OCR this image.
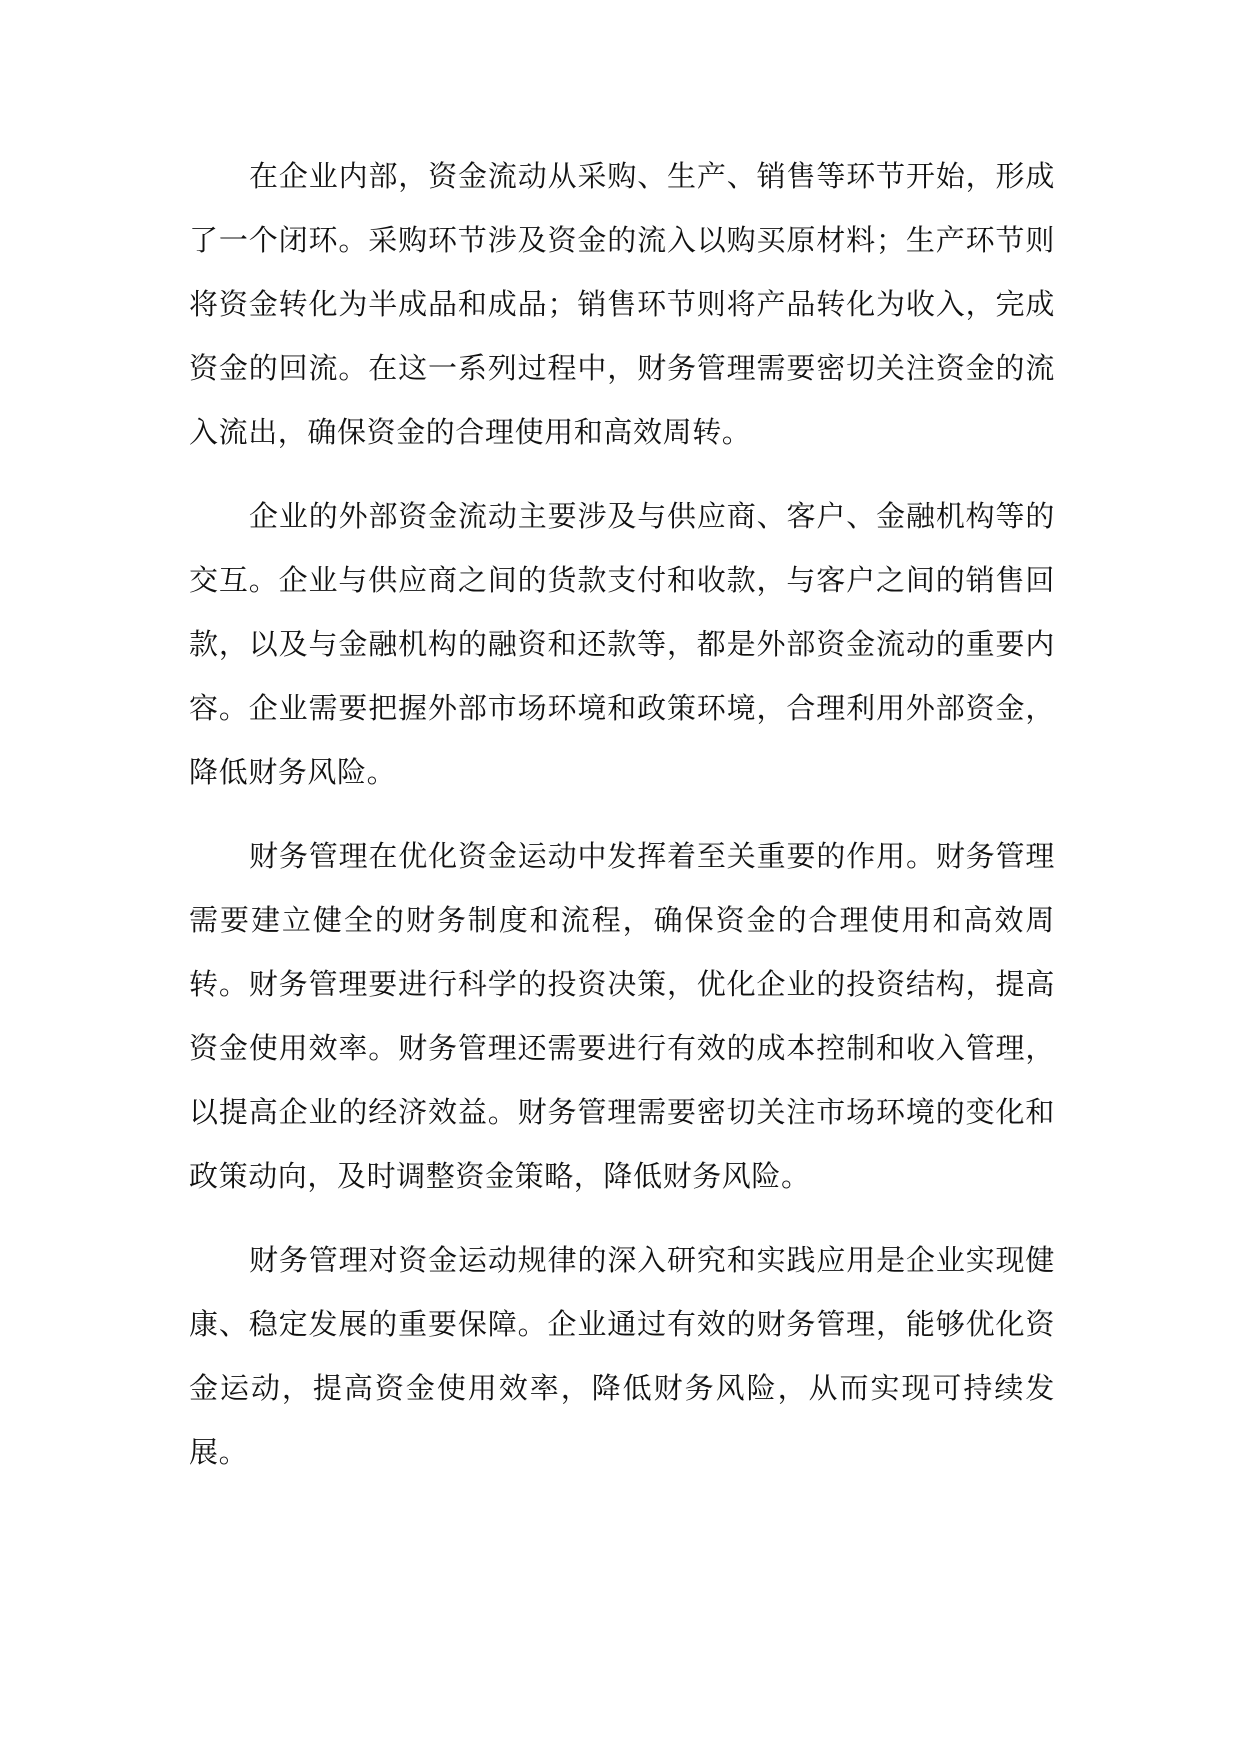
在企业内部，资金流动从采购、生产、销售等环节开始，形成了一个闭环。采购环节涉及资金的流入以购买原材料；生产环节则将资金转化为半成品和成品；销售环节则将产品转化为收入，完成资金的回流。在这一系列过程中，财务管理需要密切关注资金的流入流出，确保资金的合理使用和高效周转。

企业的外部资金流动主要涉及与供应商、客户、金融机构等的交互。企业与供应商之间的货款支付和收款，与客户之间的销售回款，以及与金融机构的融资和还款等，都是外部资金流动的重要内容。企业需要把握外部市场环境和政策环境，合理利用外部资金，降低财务风险。

财务管理在优化资金运动中发挥着至关重要的作用。财务管理需要建立健全的财务制度和流程，确保资金的合理使用和高效周转。财务管理要进行科学的投资决策，优化企业的投资结构，提高资金使用效率。财务管理还需要进行有效的成本控制和收入管理，以提高企业的经济效益。财务管理需要密切关注市场环境的变化和政策动向，及时调整资金策略，降低财务风险。

财务管理对资金运动规律的深入研究和实践应用是企业实现健康、稳定发展的重要保障。企业通过有效的财务管理，能够优化资金运动，提高资金使用效率，降低财务风险，从而实现可持续发展。
